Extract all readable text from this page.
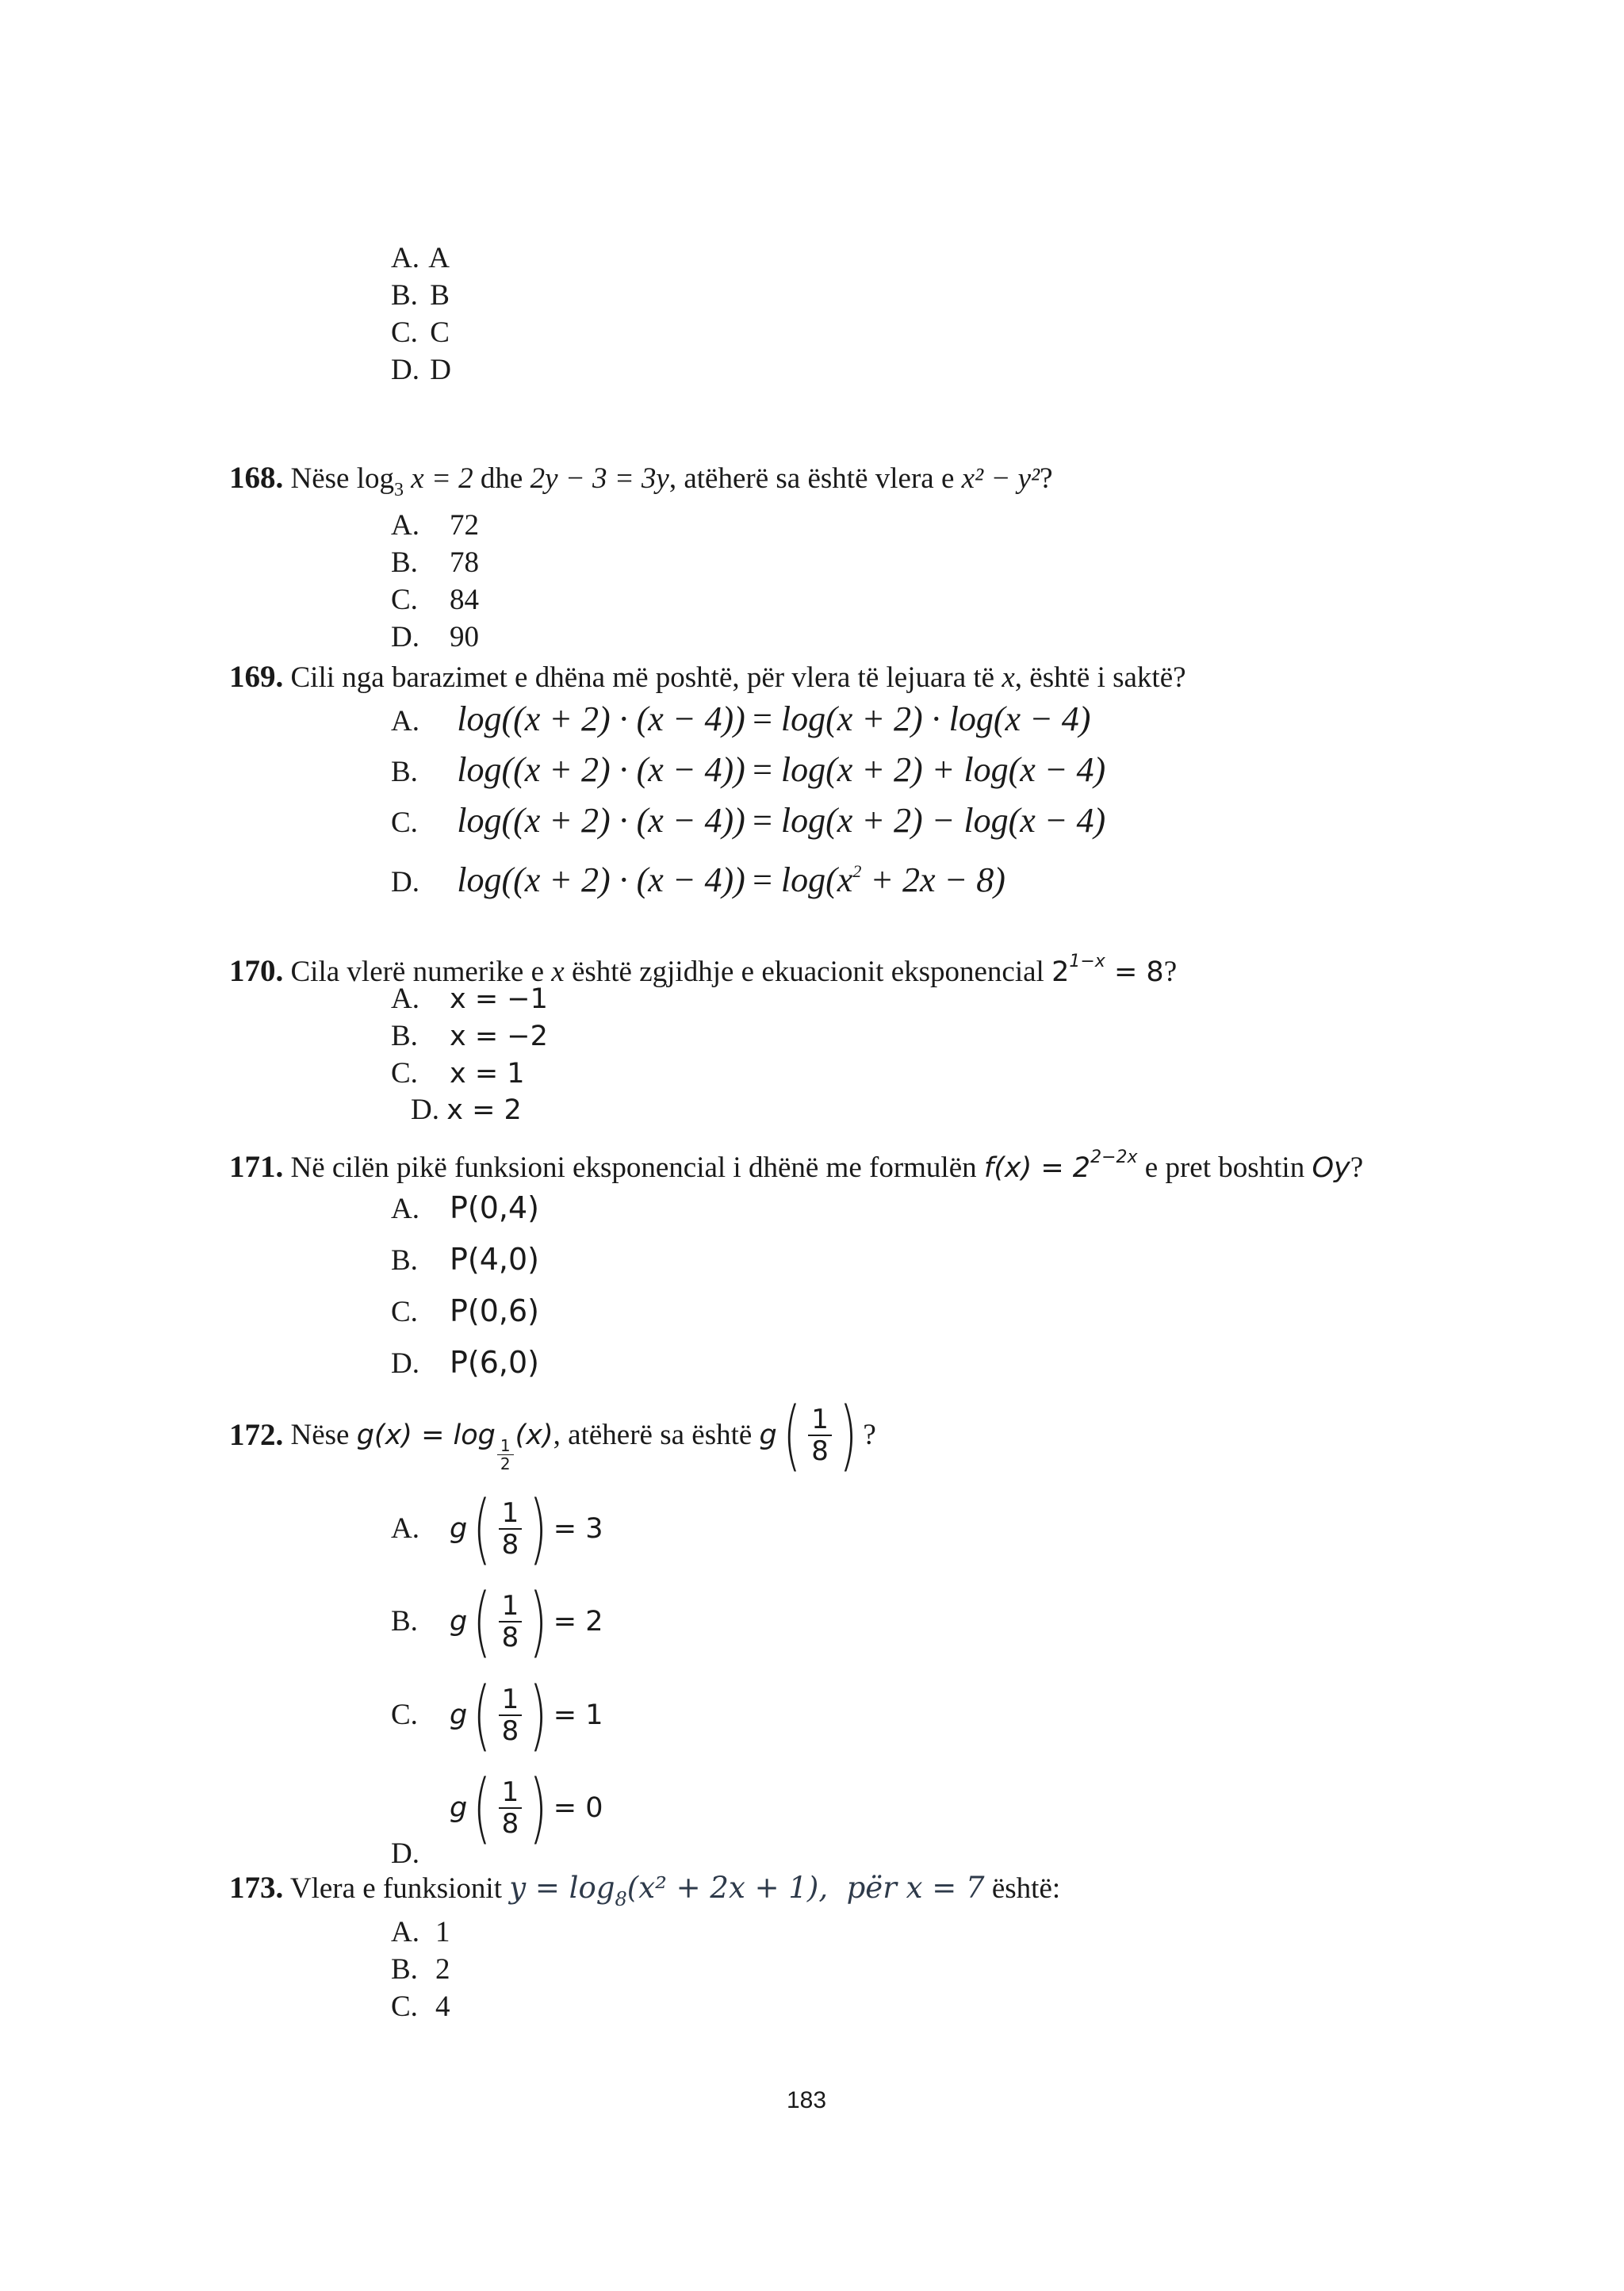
A. A
B. B
C. C
D. D
168. Nëse $\log_3 x = 2$ dhe 2y − 3 = 3y, atëherë sa është vlera e x² − y²?
A. 72
B. 78
C. 84
D. 90
169. Cili nga barazimet e dhëna më poshtë, për vlera të lejuara të x, është i saktë?
A. log((x + 2) · (x − 4)) = log(x + 2) · log(x − 4)
B. log((x + 2) · (x − 4)) = log(x + 2) + log(x − 4)
C. log((x + 2) · (x − 4)) = log(x + 2) − log(x − 4)
D. $\log((x + 2) \cdot (x - 4)) = \log(x^2 + 2x - 8)$
170. Cila vlerë numerike e x është zgjidhje e ekuacionit eksponencial $2^{1-x} = 8$?
A. x = −1
B. x = −2
C. x = 1
D. x = 2
171. Në cilën pikë funksioni eksponencial i dhënë me formulën $f(x) = 2^{2-2x}$ e pret boshtin Oy?
A. P(0,4)
B. P(4,0)
C. P(0,6)
D. P(6,0)
172.
Nëse
g(x) = log
$\frac{1}{2}$
(x) , atëherë sa është
g ( $\frac{1}{8}$ ) ?
A.	g ( $\frac{1}{8}$ ) = 3
B.	g ( $\frac{1}{8}$ ) = 2
C.	g ( $\frac{1}{8}$ ) = 1
g ( $\frac{1}{8}$ ) = 0
D.
173. Vlera e funksionit $y = \log_8(x^2 + 2x + 1)$, për x = 7 është:
A. 1
B. 2
C. 4
183
